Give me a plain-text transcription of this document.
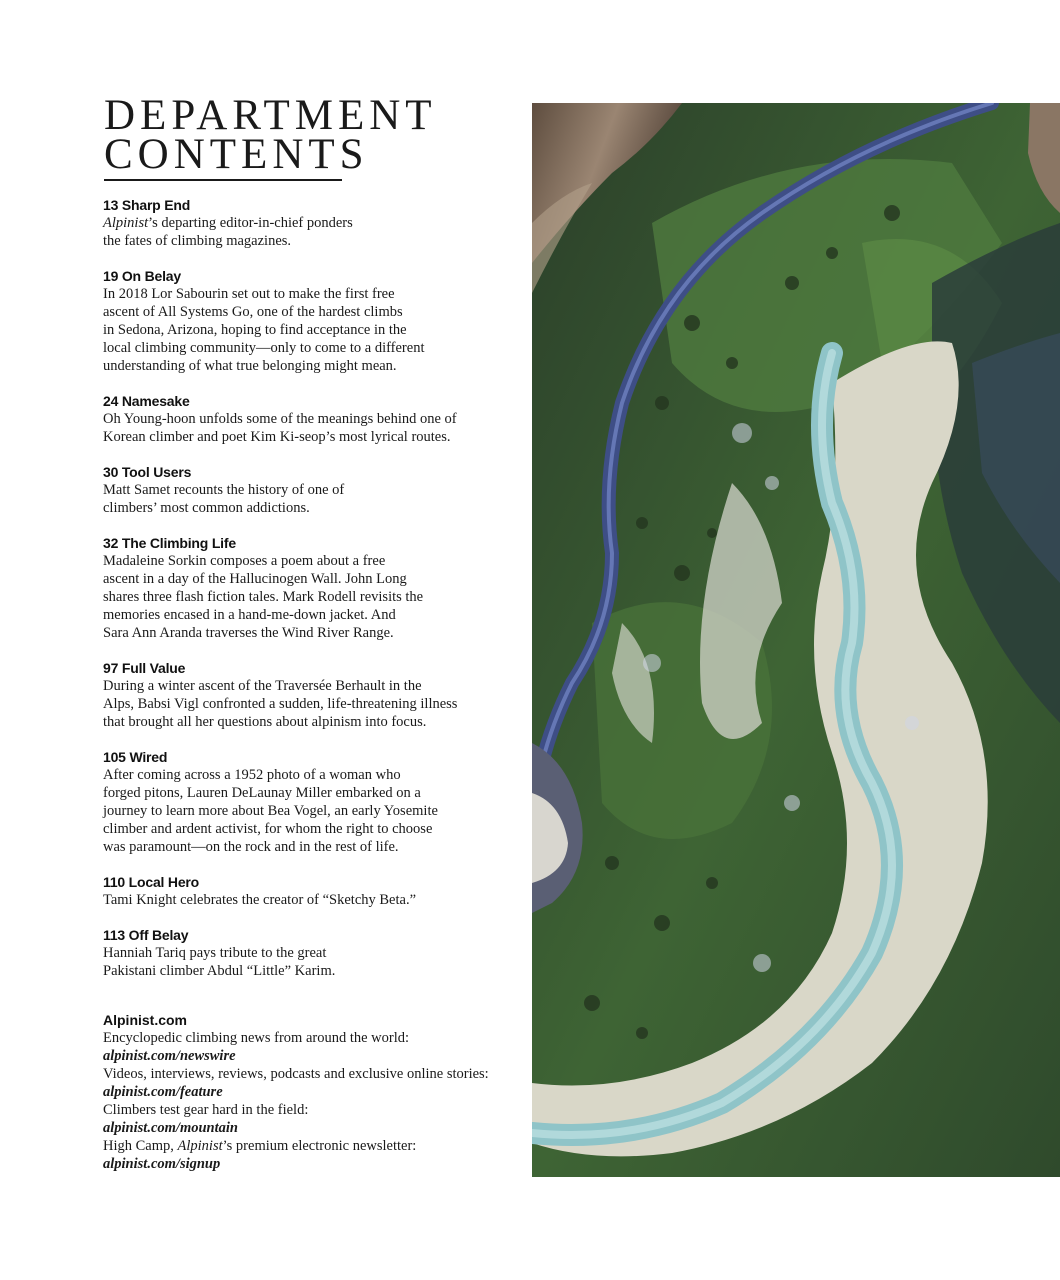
DEPARTMENT
CONTENTS
13 Sharp End

Alpinist’s departing editor-in-chief ponders
the fates of climbing magazines.

19 On Belay

In 2018 Lor Sabourin set out to make the first free
ascent of All Systems Go, one of the hardest climbs
in Sedona, Arizona, hoping to find acceptance in the
local climbing community—only to come to a different
understanding of what true belonging might mean.

24 Namesake

Oh Young-hoon unfolds some of the meanings behind one of
Korean climber and poet Kim Ki-seop’s most lyrical routes.

30 Tool Users

Matt Samet recounts the history of one of
climbers’ most common addictions.

32 The Climbing Life

Madaleine Sorkin composes a poem about a free
ascent in a day of the Hallucinogen Wall. John Long
shares three flash fiction tales. Mark Rodell revisits the
memories encased in a hand-me-down jacket. And
Sara Ann Aranda traverses the Wind River Range.

97 Full Value

During a winter ascent of the Traversée Berhault in the
Alps, Babsi Vigl confronted a sudden, life-threatening illness
that brought all her questions about alpinism into focus.

105 Wired

After coming across a 1952 photo of a woman who
forged pitons, Lauren DeLaunay Miller embarked on a
journey to learn more about Bea Vogel, an early Yosemite
climber and ardent activist, for whom the right to choose
was paramount—on the rock and in the rest of life.

110 Local Hero

Tami Knight celebrates the creator of “Sketchy Beta.”

113 Off Belay

Hanniah Tariq pays tribute to the great
Pakistani climber Abdul “Little” Karim.

Alpinist.com
Encyclopedic climbing news from around the world:
alpinist.com/newswire
Videos, interviews, reviews, podcasts and exclusive online stories:
alpinist.com/feature
Climbers test gear hard in the field:
alpinist.com/mountain
High Camp, Alpinist’s premium electronic newsletter:
alpinist.com/signup
